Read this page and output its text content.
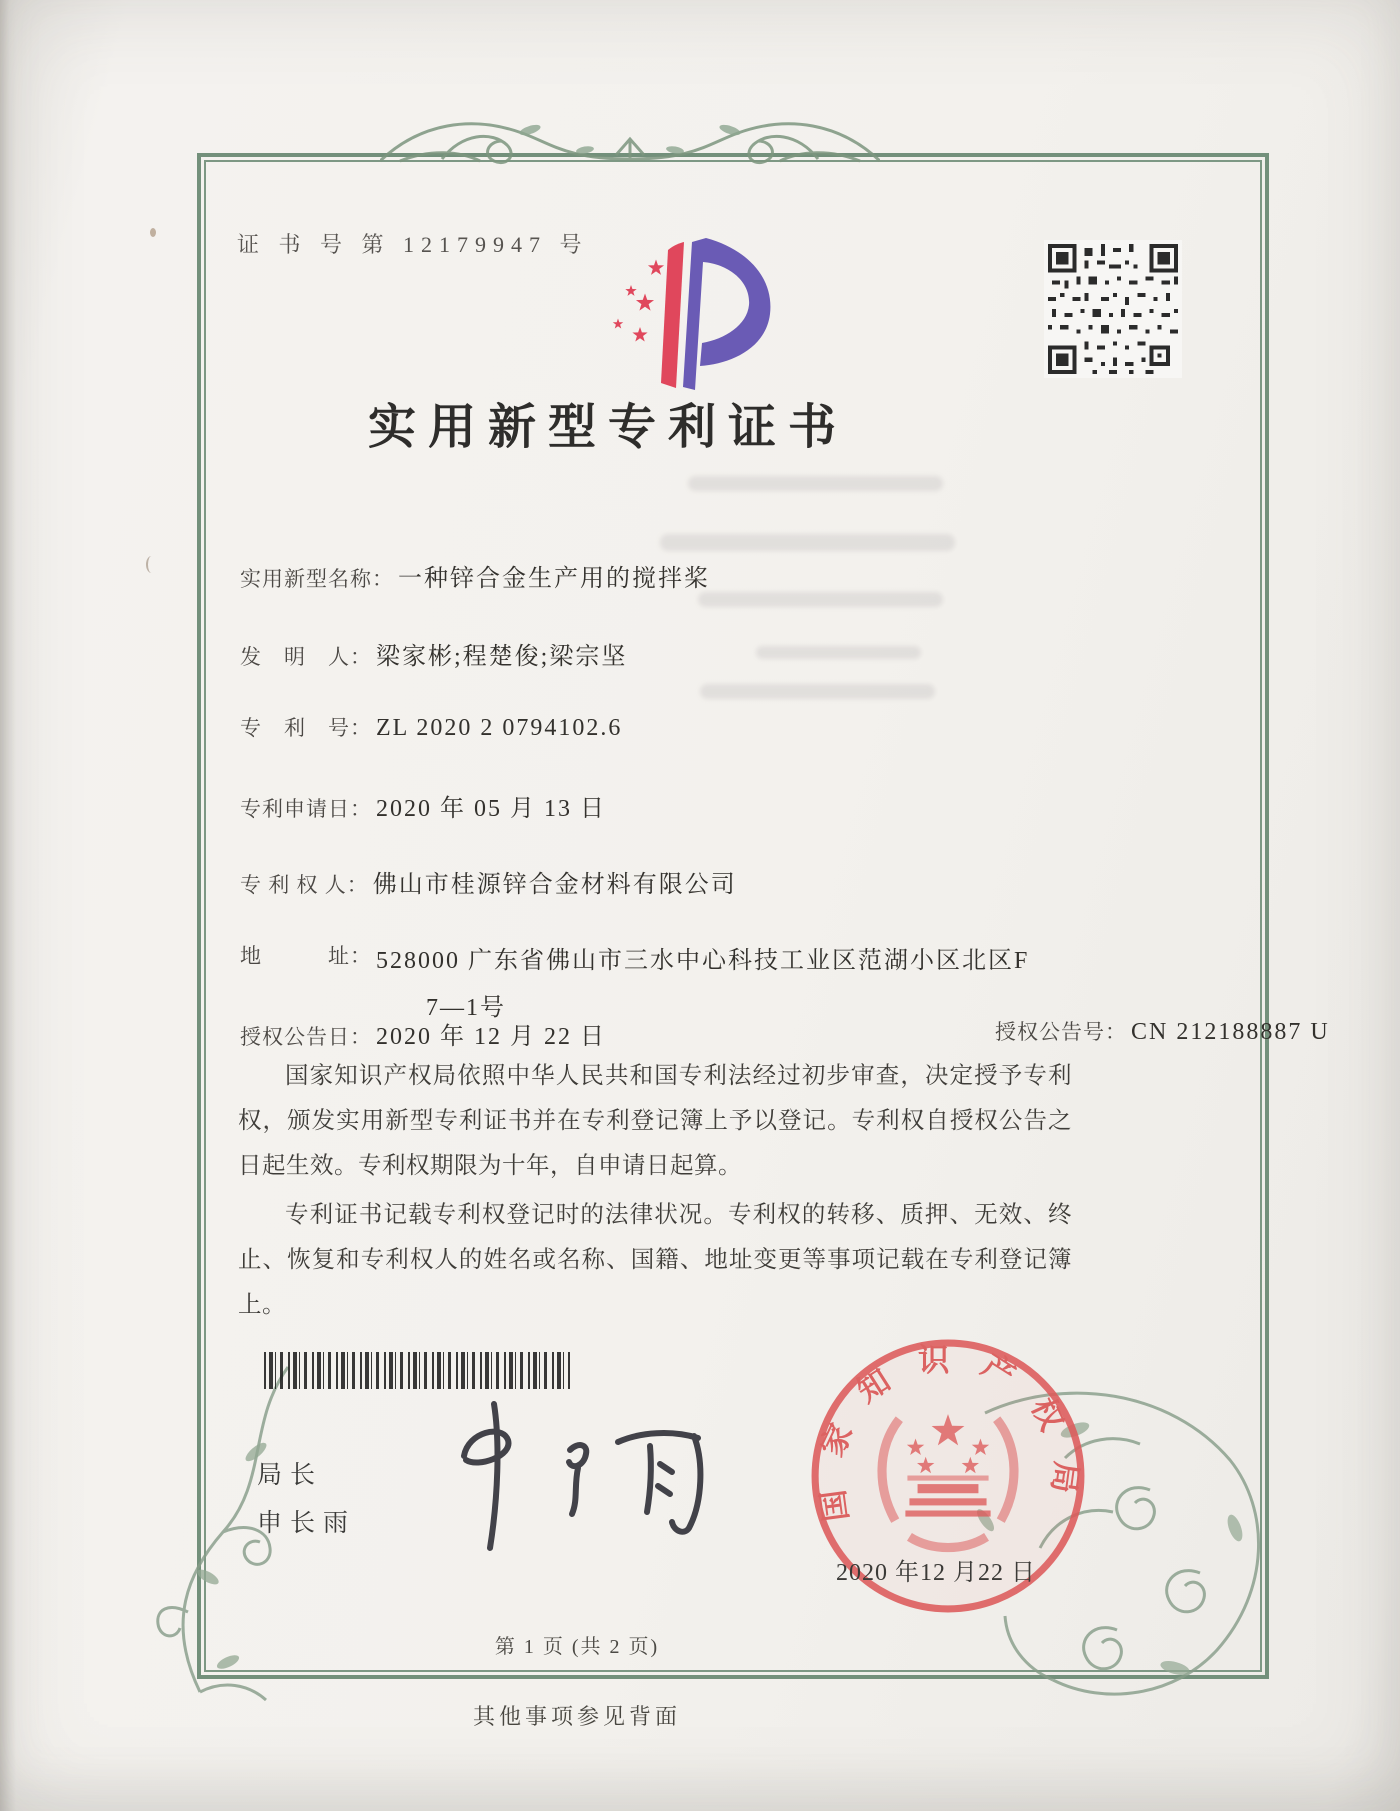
证 书 号 第 12179947 号
实用新型专利证书
实用新型名称： 一种锌合金生产用的搅拌桨
发　明　人： 梁家彬;程楚俊;梁宗坚
专　利　号： ZL 2020 2 0794102.6
专利申请日： 2020 年 05 月 13 日
专 利 权 人： 佛山市桂源锌合金材料有限公司
地　　　址： 528000 广东省佛山市三水中心科技工业区范湖小区北区F
7—1号
授权公告日： 2020 年 12 月 22 日	授权公告号： CN 212188887 U

国家知识产权局依照中华人民共和国专利法经过初步审查，决定授予专利权，颁发实用新型专利证书并在专利登记簿上予以登记。专利权自授权公告之日起生效。专利权期限为十年，自申请日起算。

专利证书记载专利权登记时的法律状况。专利权的转移、质押、无效、终止、恢复和专利权人的姓名或名称、国籍、地址变更等事项记载在专利登记簿上。

局长
申长雨	国家知识产权局
2020 年12 月22 日
第 1 页 (共 2 页)
其他事项参见背面
